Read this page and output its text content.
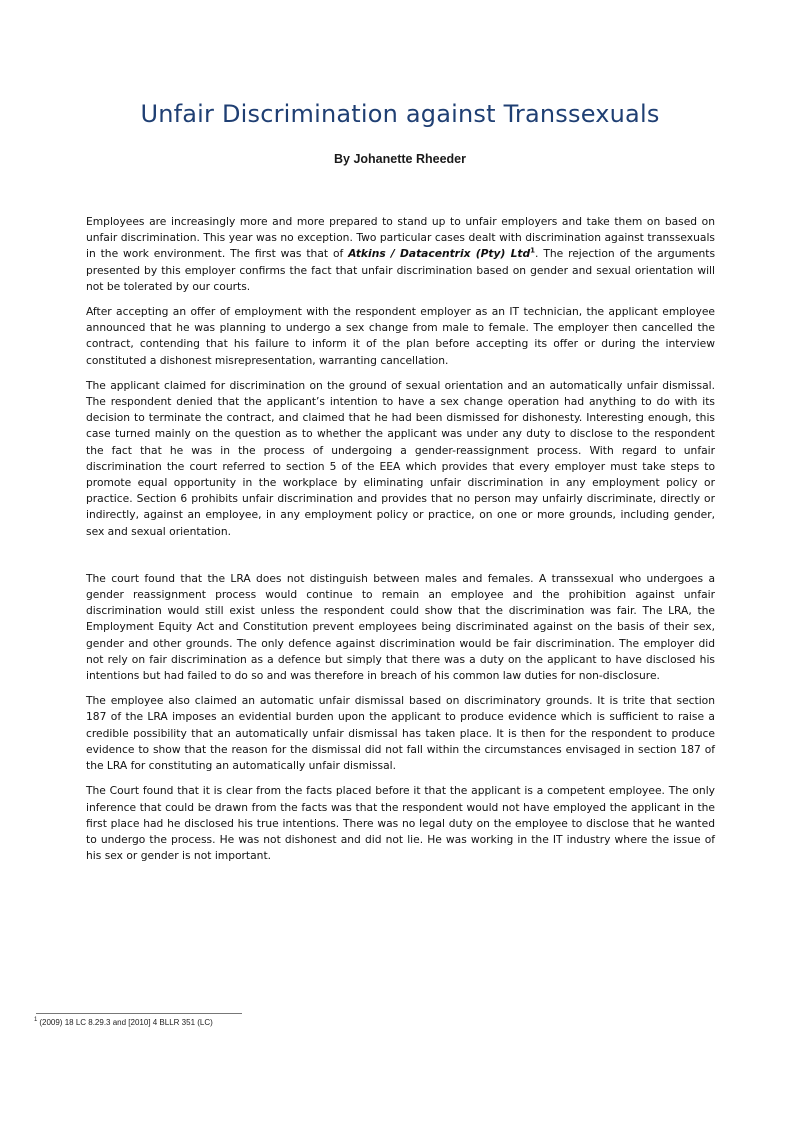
Unfair Discrimination against Transsexuals
By Johanette Rheeder

Employees are increasingly more and more prepared to stand up to unfair employers and take them on based on unfair discrimination. This year was no exception. Two particular cases dealt with discrimination against transsexuals in the work environment. The first was that of Atkins / Datacentrix (Pty) Ltd$^1$. The rejection of the arguments presented by this employer confirms the fact that unfair discrimination based on gender and sexual orientation will not be tolerated by our courts.

After accepting an offer of employment with the respondent employer as an IT technician, the applicant employee announced that he was planning to undergo a sex change from male to female. The employer then cancelled the contract, contending that his failure to inform it of the plan before accepting its offer or during the interview constituted a dishonest misrepresentation, warranting cancellation.

The applicant claimed for discrimination on the ground of sexual orientation and an automatically unfair dismissal. The respondent denied that the applicant’s intention to have a sex change operation had anything to do with its decision to terminate the contract, and claimed that he had been dismissed for dishonesty. Interesting enough, this case turned mainly on the question as to whether the applicant was under any duty to disclose to the respondent the fact that he was in the process of undergoing a gender-reassignment process. With regard to unfair discrimination the court referred to section 5 of the EEA which provides that every employer must take steps to promote equal opportunity in the workplace by eliminating unfair discrimination in any employment policy or practice. Section 6 prohibits unfair discrimination and provides that no person may unfairly discriminate, directly or indirectly, against an employee, in any employment policy or practice, on one or more grounds, including gender, sex and sexual orientation.

The court found that the LRA does not distinguish between males and females. A transsexual who undergoes a gender reassignment process would continue to remain an employee and the prohibition against unfair discrimination would still exist unless the respondent could show that the discrimination was fair. The LRA, the Employment Equity Act and Constitution prevent employees being discriminated against on the basis of their sex, gender and other grounds. The only defence against discrimination would be fair discrimination. The employer did not rely on fair discrimination as a defence but simply that there was a duty on the applicant to have disclosed his intentions but had failed to do so and was therefore in breach of his common law duties for non-disclosure.

The employee also claimed an automatic unfair dismissal based on discriminatory grounds. It is trite that section 187 of the LRA imposes an evidential burden upon the applicant to produce evidence which is sufficient to raise a credible possibility that an automatically unfair dismissal has taken place. It is then for the respondent to produce evidence to show that the reason for the dismissal did not fall within the circumstances envisaged in section 187 of the LRA for constituting an automatically unfair dismissal.

The Court found that it is clear from the facts placed before it that the applicant is a competent employee. The only inference that could be drawn from the facts was that the respondent would not have employed the applicant in the first place had he disclosed his true intentions. There was no legal duty on the employee to disclose that he wanted to undergo the process. He was not dishonest and did not lie. He was working in the IT industry where the issue of his sex or gender is not important.

$^1$ (2009) 18 LC 8.29.3 and [2010] 4 BLLR 351 (LC)
